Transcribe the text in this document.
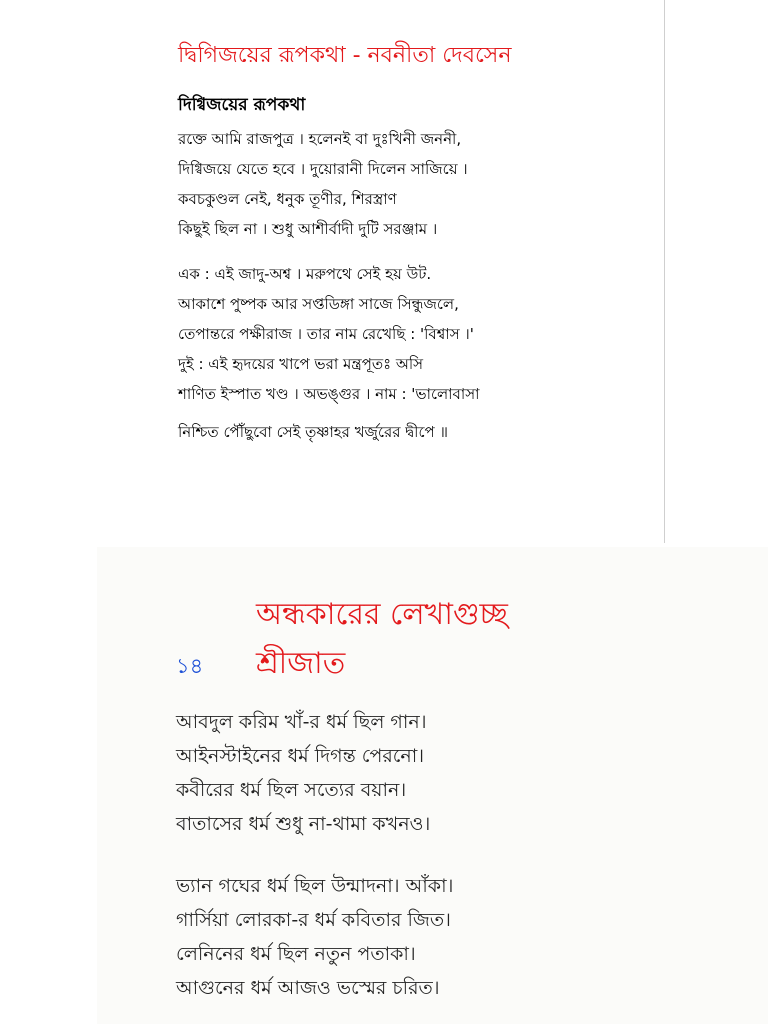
দ্বিগিজয়ের রূপকথা - নবনীতা দেবসেন
দিগ্বিজয়ের রূপকথা
রক্তে আমি রাজপুত্র । হলেনই বা দুঃখিনী জননী,
দিগ্বিজয়ে যেতে হবে । দুয়োরানী দিলেন সাজিয়ে ।
কবচকুণ্ডল নেই, ধনুক তূণীর, শিরস্ত্রাণ
কিছুই ছিল না । শুধু আশীর্বাদী দুটি সরঞ্জাম ।
এক : এই জাদু-অশ্ব । মরুপথে সেই হয় উট.
আকাশে পুষ্পক আর সপ্তডিঙ্গা সাজে সিন্ধুজলে,
তেপান্তরে পক্ষীরাজ । তার নাম রেখেছি : 'বিশ্বাস ।'
দুই : এই হৃদয়ের খাপে ভরা মন্ত্রপূতঃ অসি
শাণিত ইস্পাত খণ্ড । অভঙ্গুর । নাম : 'ভালোবাসা
নিশ্চিত পৌঁছুবো সেই তৃষ্ণাহর খর্জুরের দ্বীপে ॥
অন্ধকারের লেখাগুচ্ছ
১৪ শ্রীজাত
আবদুল করিম খাঁ-র ধর্ম ছিল গান।
আইনস্টাইনের ধর্ম দিগন্ত পেরনো।
কবীরের ধর্ম ছিল সত্যের বয়ান।
বাতাসের ধর্ম শুধু না-থামা কখনও।
ভ্যান গঘের ধর্ম ছিল উন্মাদনা। আঁকা।
গার্সিয়া লোরকা-র ধর্ম কবিতার জিত।
লেনিনের ধর্ম ছিল নতুন পতাকা।
আগুনের ধর্ম আজও ভস্মের চরিত।
